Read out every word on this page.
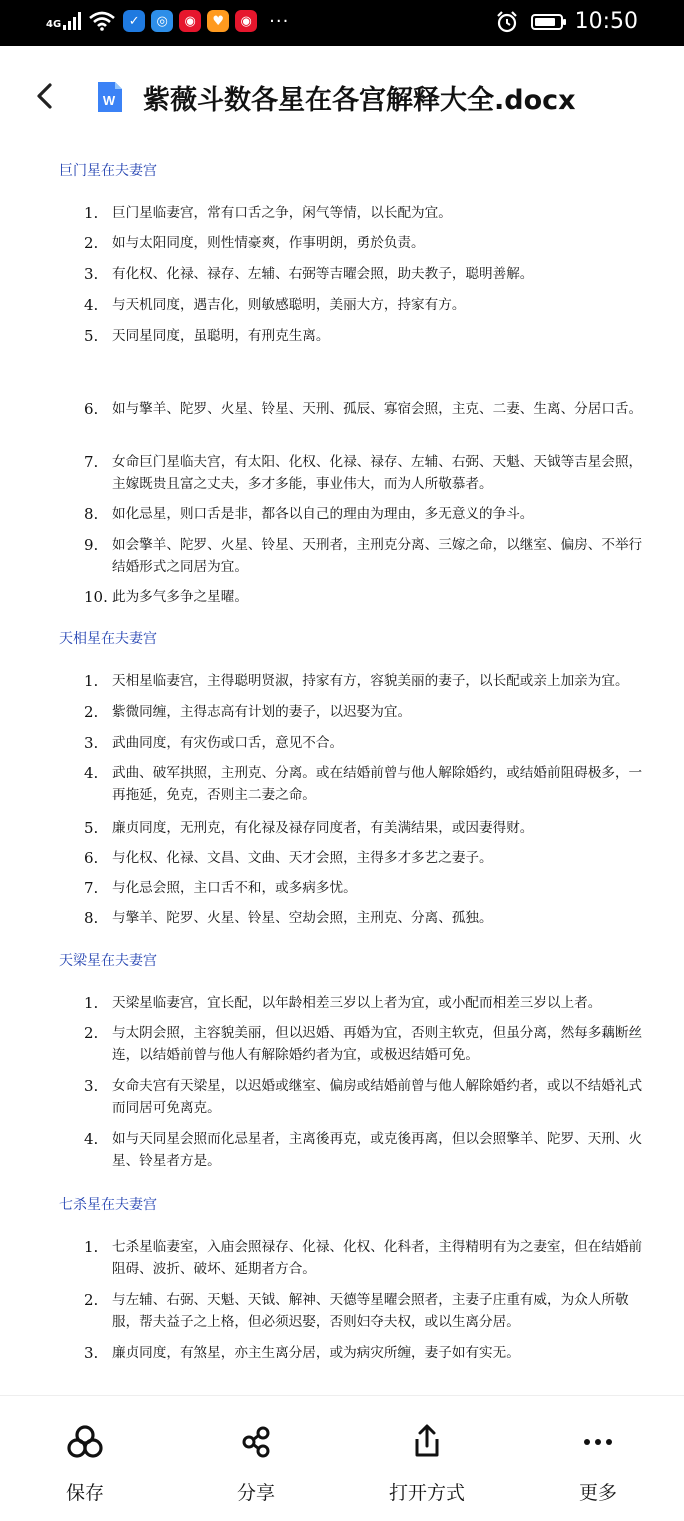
4G	✓	◎	◉	♥	◉ ···	10:50
W 紫薇斗数各星在各宫解释大全.docx
巨门星在夫妻宫
1.	巨门星临妻宫，常有口舌之争，闲气等情，以长配为宜。
2.	如与太阳同度，则性情豪爽，作事明朗，勇於负责。
3.	有化权、化禄、禄存、左辅、右弼等吉曜会照，助夫教子，聪明善解。
4.	与天机同度，遇吉化，则敏感聪明，美丽大方，持家有方。
5.	天同星同度，虽聪明，有刑克生离。
6.	如与擎羊、陀罗、火星、铃星、天刑、孤辰、寡宿会照，主克、二妻、生离、分居口舌。
7.	女命巨门星临夫宫，有太阳、化权、化禄、禄存、左辅、右弼、天魁、天钺等吉星会照，主嫁既贵且富之丈夫，多才多能，事业伟大，而为人所敬慕者。
8.	如化忌星，则口舌是非，都各以自己的理由为理由，多无意义的争斗。
9.	如会擎羊、陀罗、火星、铃星、天刑者，主刑克分离、三嫁之命，以继室、偏房、不举行结婚形式之同居为宜。
10. 此为多气多争之星曜。
天相星在夫妻宫
1.	天相星临妻宫，主得聪明贤淑，持家有方，容貌美丽的妻子，以长配或亲上加亲为宜。
2.	紫微同缠，主得志高有计划的妻子，以迟娶为宜。
3.	武曲同度，有灾伤或口舌，意见不合。
4.	武曲、破军拱照，主刑克、分离。或在结婚前曾与他人解除婚约，或结婚前阻碍极多，一再拖延，免克，否则主二妻之命。
5.	廉贞同度，无刑克，有化禄及禄存同度者，有美满结果，或因妻得财。
6.	与化权、化禄、文昌、文曲、天才会照，主得多才多艺之妻子。
7.	与化忌会照，主口舌不和，或多病多忧。
8.	与擎羊、陀罗、火星、铃星、空劫会照，主刑克、分离、孤独。
天梁星在夫妻宫
1.	天梁星临妻宫，宜长配，以年龄相差三岁以上者为宜，或小配而相差三岁以上者。
2.	与太阴会照，主容貌美丽，但以迟婚、再婚为宜，否则主软克，但虽分离，然每多藕断丝连，以结婚前曾与他人有解除婚约者为宜，或极迟结婚可免。
3.	女命夫宫有天梁星，以迟婚或继室、偏房或结婚前曾与他人解除婚约者，或以不结婚礼式而同居可免离克。
4.	如与天同星会照而化忌星者，主离後再克，或克後再离，但以会照擎羊、陀罗、天刑、火星、铃星者方是。
七杀星在夫妻宫
1.	七杀星临妻室，入庙会照禄存、化禄、化权、化科者，主得精明有为之妻室，但在结婚前阻碍、波折、破坏、延期者方合。
2.	与左辅、右弼、天魁、天钺、解神、天德等星曜会照者，主妻子庄重有威，为众人所敬服，帮夫益子之上格，但必须迟娶，否则妇夺夫权，或以生离分居。
3.	廉贞同度，有煞星，亦主生离分居，或为病灾所缠，妻子如有实无。
保存	分享	打开方式	更多
